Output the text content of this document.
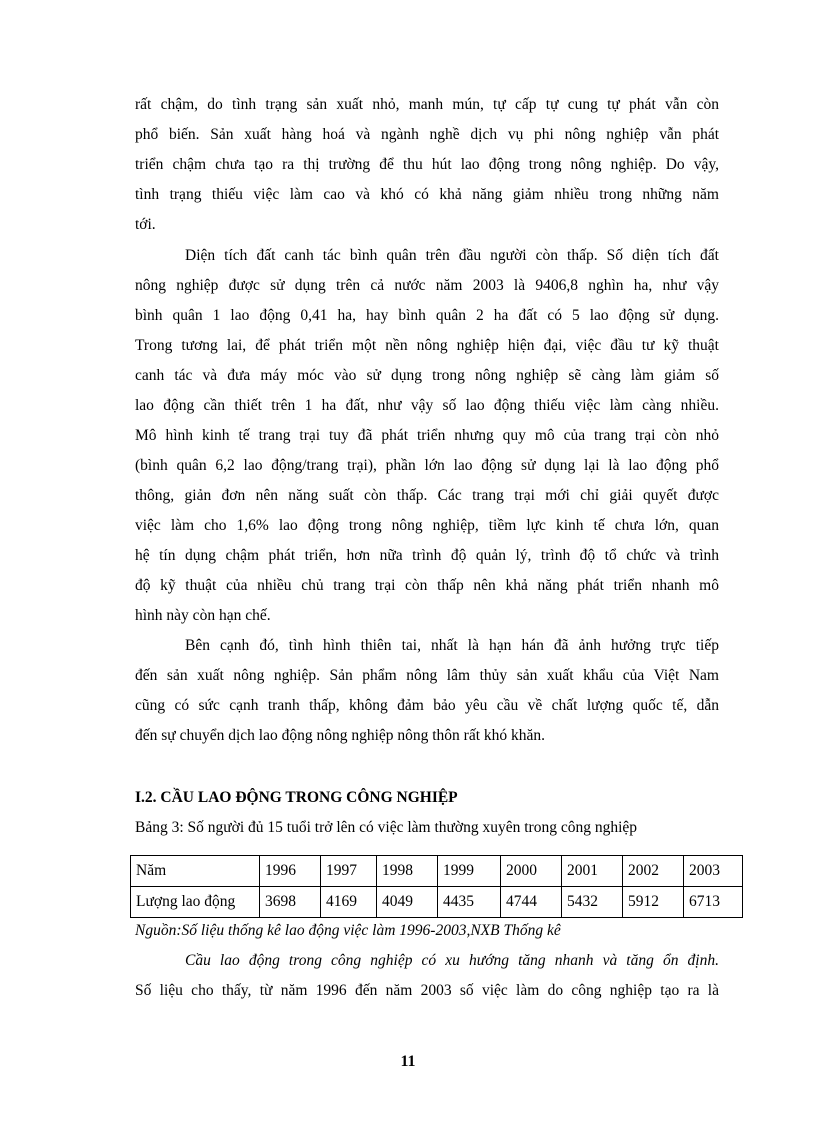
rất chậm, do tình trạng sản xuất nhỏ, manh mún, tự cấp tự cung tự phát vẫn còn
phổ biến. Sản xuất hàng hoá và ngành nghề dịch vụ phi nông nghiệp vẫn phát
triển chậm chưa tạo ra thị trường để thu hút lao động trong nông nghiệp. Do vậy,
tình trạng thiếu việc làm cao và khó có khả năng giảm nhiều trong những năm
tới.
Diện tích đất canh tác bình quân trên đầu người còn thấp. Số diện tích đất
nông nghiệp được sử dụng trên cả nước năm 2003 là 9406,8 nghìn ha, như vậy
bình quân 1 lao động 0,41 ha, hay bình quân 2 ha đất có 5 lao động sử dụng.
Trong tương lai, để phát triển một nền nông nghiệp hiện đại, việc đầu tư kỹ thuật
canh tác và đưa máy móc vào sử dụng trong nông nghiệp sẽ càng làm giảm số
lao động cần thiết trên 1 ha đất, như vậy số lao động thiếu việc làm càng nhiều.
Mô hình kinh tế trang trại tuy đã phát triển nhưng quy mô của trang trại còn nhỏ
(bình quân 6,2 lao động/trang trại), phần lớn lao động sử dụng lại là lao động phổ
thông, giản đơn nên năng suất còn thấp. Các trang trại mới chỉ giải quyết được
việc làm cho 1,6% lao động trong nông nghiệp, tiềm lực kinh tế chưa lớn, quan
hệ tín dụng chậm phát triển, hơn nữa trình độ quản lý, trình độ tổ chức và trình
độ kỹ thuật của nhiều chủ trang trại còn thấp nên khả năng phát triển nhanh mô
hình này còn hạn chế.
Bên cạnh đó, tình hình thiên tai, nhất là hạn hán đã ảnh hưởng trực tiếp
đến sản xuất nông nghiệp. Sản phẩm nông lâm thủy sản xuất khẩu của Việt Nam
cũng có sức cạnh tranh thấp, không đảm bảo yêu cầu về chất lượng quốc tế, dẫn
đến sự chuyển dịch lao động nông nghiệp nông thôn rất khó khăn.
I.2. CẦU LAO ĐỘNG TRONG CÔNG NGHIỆP
Bảng 3: Số người đủ 15 tuổi trở lên có việc làm thường xuyên trong công nghiệp
Năm	1996	1997	1998	1999	2000	2001	2002	2003
Lượng lao động	3698	4169	4049	4435	4744	5432	5912	6713
Nguồn:Số liệu thống kê lao động việc làm 1996-2003,NXB Thống kê
Cầu lao động trong công nghiệp có xu hướng tăng nhanh và tăng ổn định.
Số liệu cho thấy, từ năm 1996 đến năm 2003 số việc làm do công nghiệp tạo ra là
11
